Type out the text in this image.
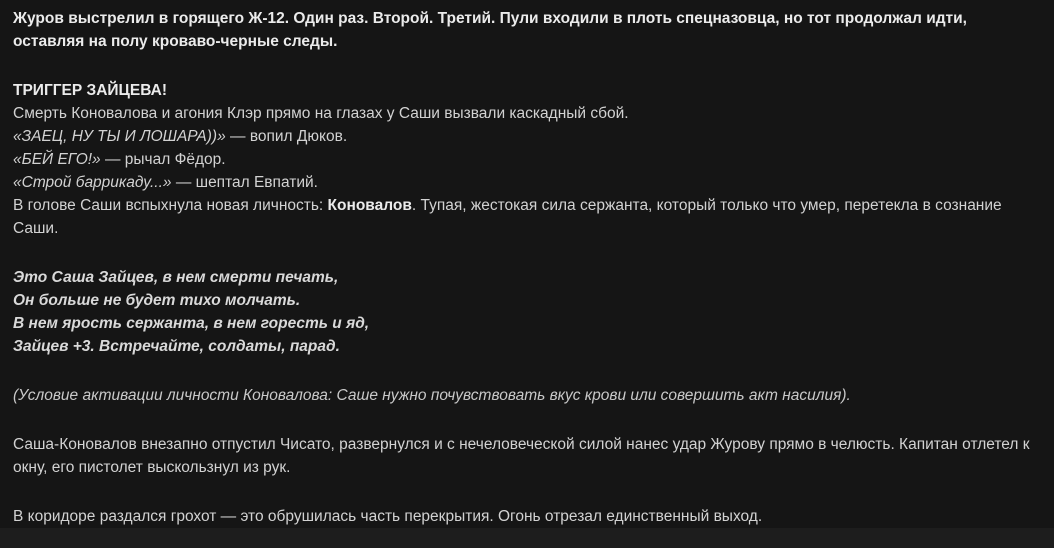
Журов выстрелил в горящего Ж-12. Один раз. Второй. Третий. Пули входили в плоть спецназовца, но тот продолжал идти, оставляя на полу кроваво-черные следы.

ТРИГГЕР ЗАЙЦЕВА!
Смерть Коновалова и агония Клэр прямо на глазах у Саши вызвали каскадный сбой.
«ЗАЕЦ, НУ ТЫ И ЛОШАРА))» — вопил Дюков.
«БЕЙ ЕГО!» — рычал Фёдор.
«Строй баррикаду...» — шептал Евпатий.
В голове Саши вспыхнула новая личность: Коновалов. Тупая, жестокая сила сержанта, который только что умер, перетекла в сознание Саши.
Это Саша Зайцев, в нем смерти печать,
Он больше не будет тихо молчать.
В нем ярость сержанта, в нем горесть и яд,
Зайцев +3. Встречайте, солдаты, парад.

(Условие активации личности Коновалова: Саше нужно почувствовать вкус крови или совершить акт насилия).

Саша-Коновалов внезапно отпустил Чисато, развернулся и с нечеловеческой силой нанес удар Журову прямо в челюсть. Капитан отлетел к окну, его пистолет выскользнул из рук.

В коридоре раздался грохот — это обрушилась часть перекрытия. Огонь отрезал единственный выход.
